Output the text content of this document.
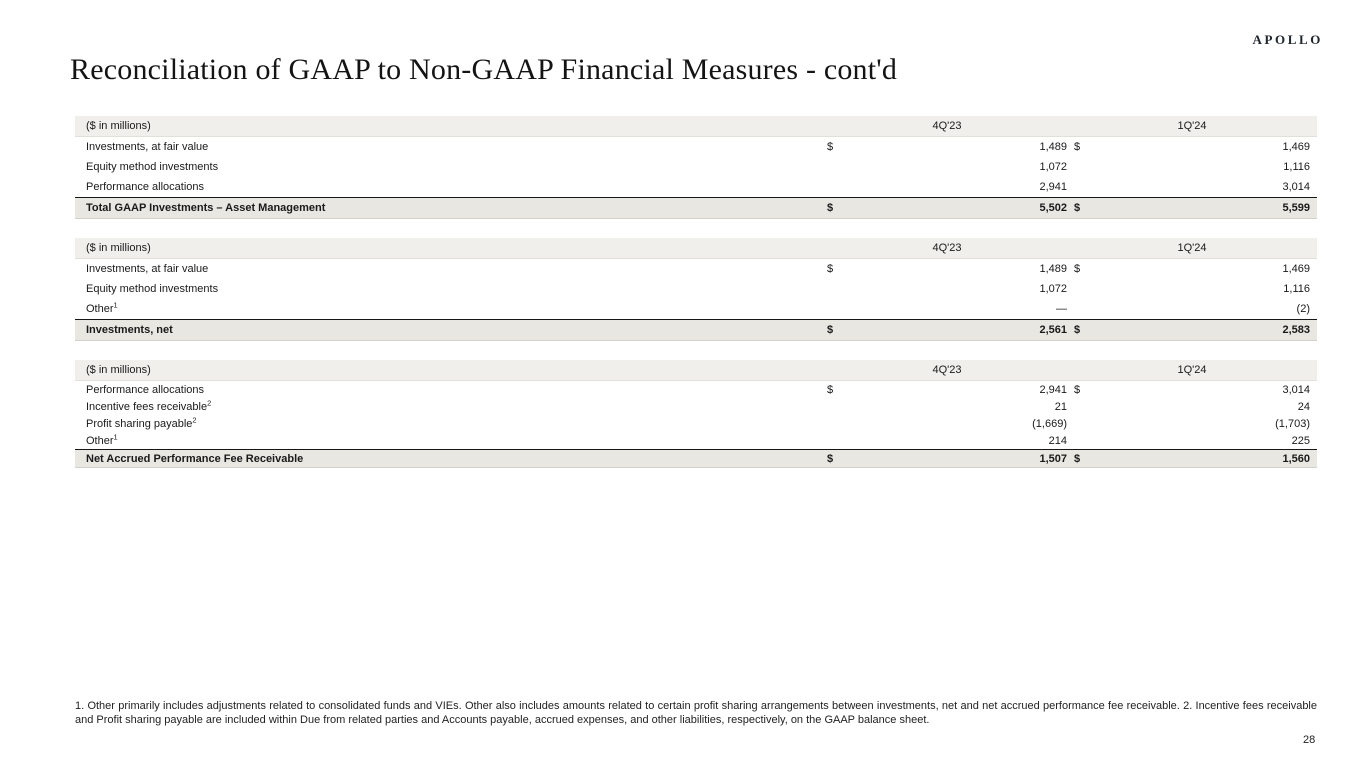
APOLLO
Reconciliation of GAAP to Non-GAAP Financial Measures - cont'd
($ in millions)	4Q'23	1Q'24
Investments, at fair value	$	1,489 $	1,469
Equity method investments	1,072	1,116
Performance allocations	2,941	3,014
Total GAAP Investments – Asset Management	$	5,502 $	5,599
($ in millions)	4Q'23	1Q'24
Investments, at fair value	$	1,489 $	1,469
Equity method investments	1,072	1,116
Other$^1$	—	(2)
Investments, net	$	2,561 $	2,583
($ in millions)	4Q'23	1Q'24
Performance allocations	$	2,941 $	3,014
Incentive fees receivable$^2$	21	24
Profit sharing payable$^2$	(1,669)	(1,703)
Other$^1$	214	225
Net Accrued Performance Fee Receivable	$	1,507 $	1,560

1. Other primarily includes adjustments related to consolidated funds and VIEs. Other also includes amounts related to certain profit sharing arrangements between investments, net and net accrued performance fee receivable. 2. Incentive fees receivable and Profit sharing payable are included within Due from related parties and Accounts payable, accrued expenses, and other liabilities, respectively, on the GAAP balance sheet.

28
